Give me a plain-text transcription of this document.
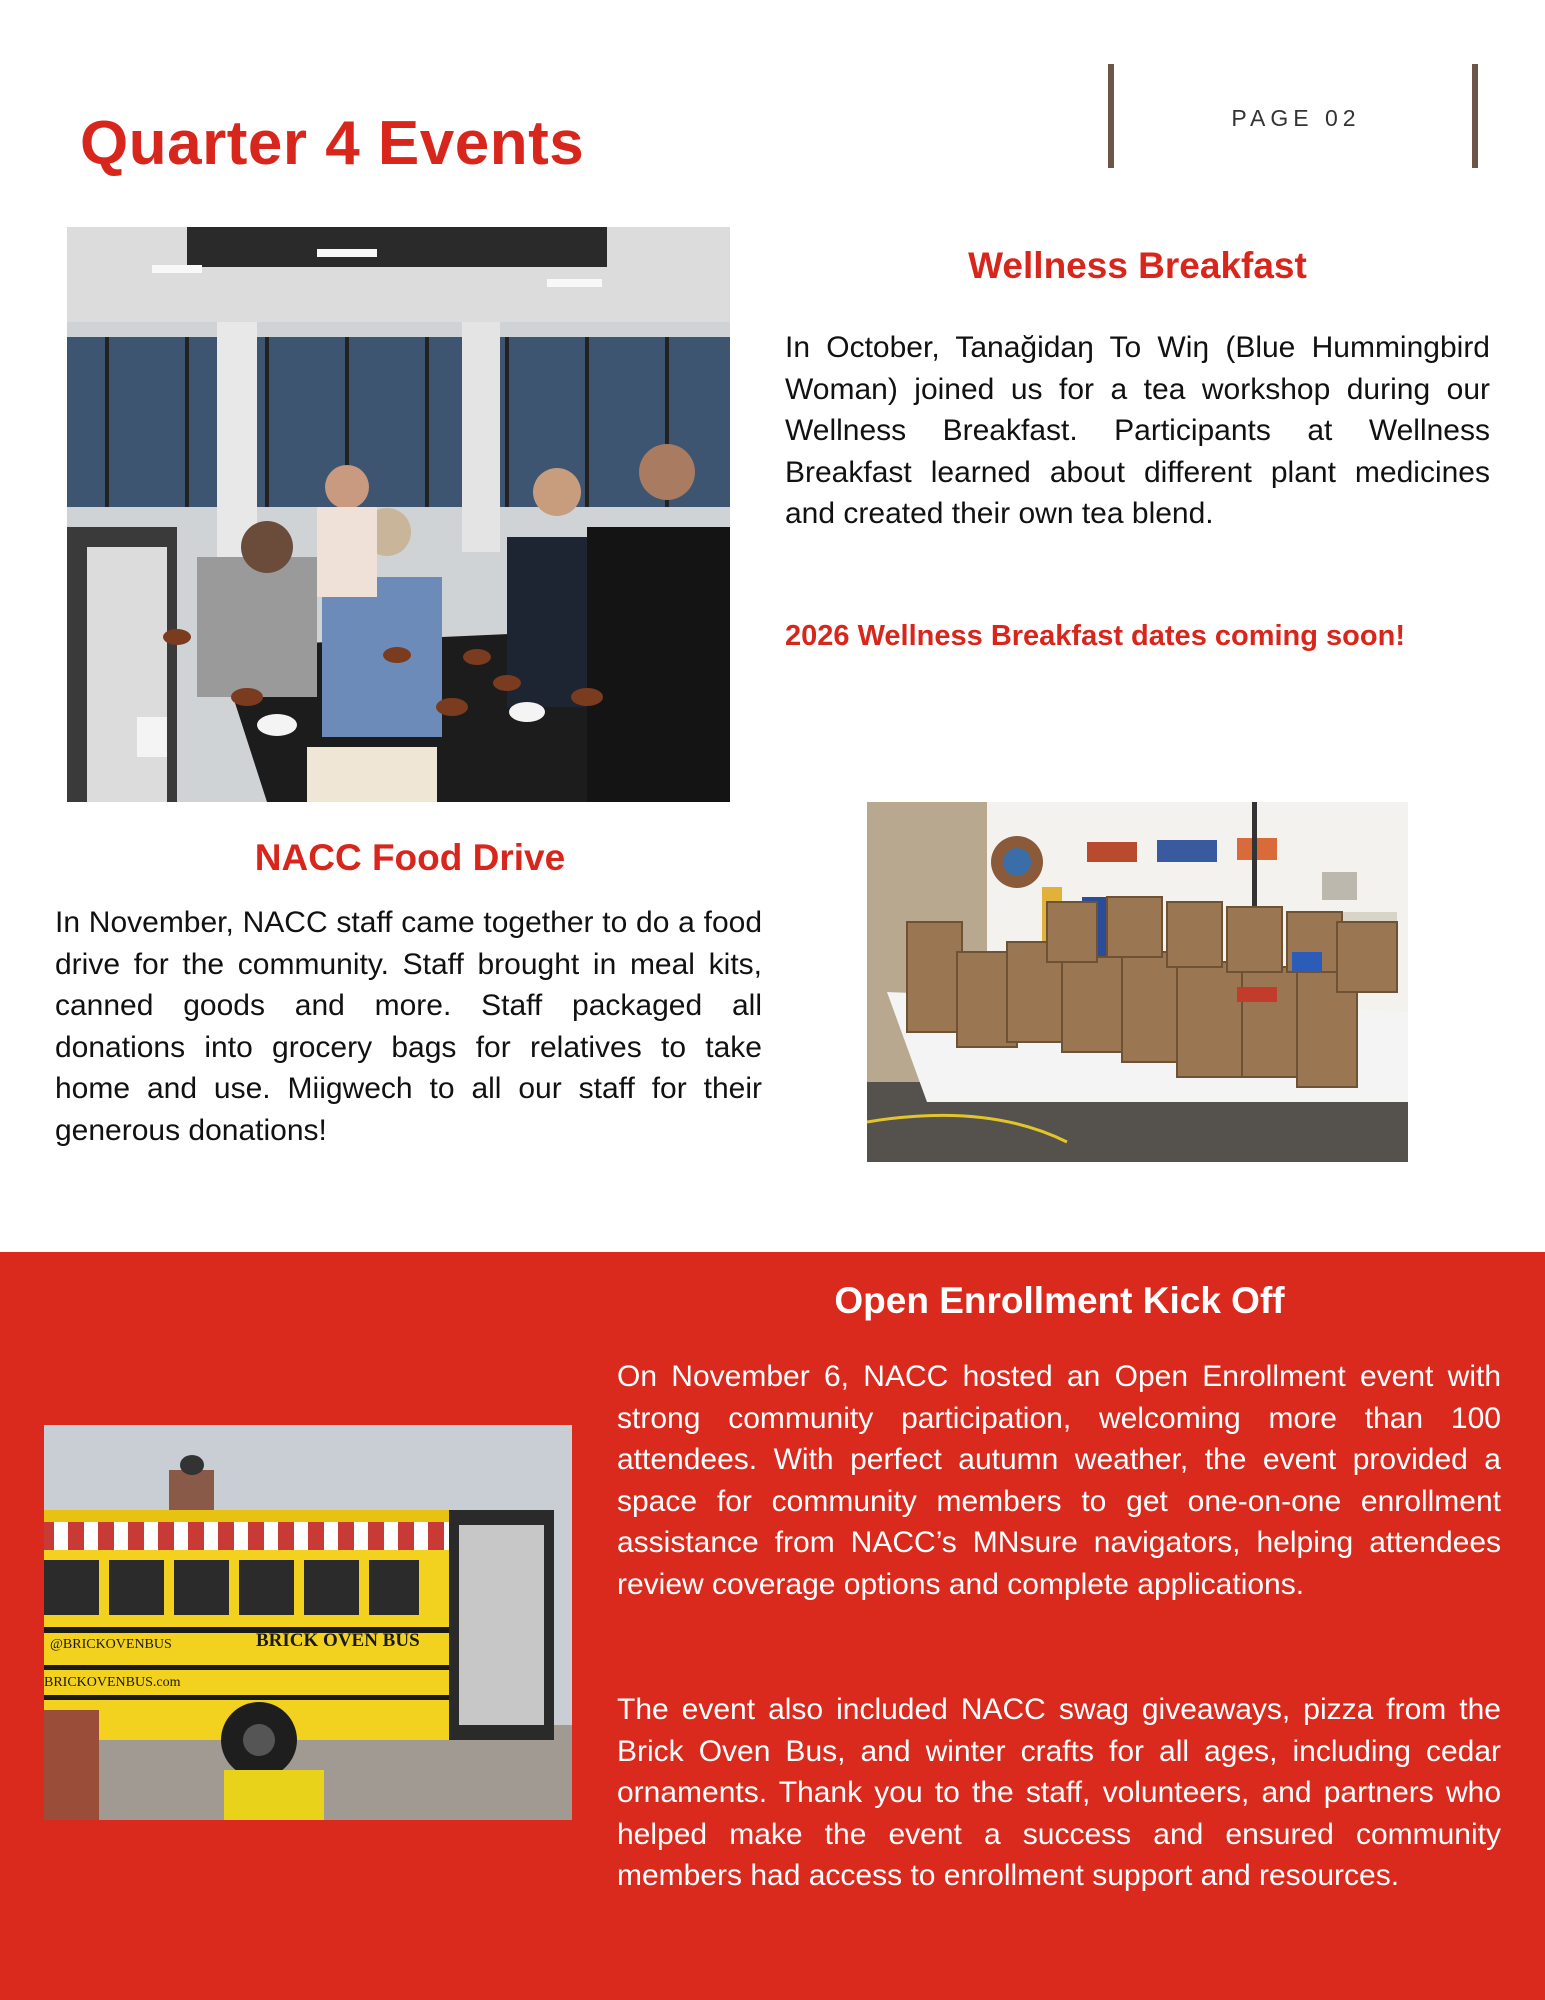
Quarter 4 Events	PAGE 02
Wellness Breakfast
In October, Tanağidaŋ To Wiŋ (Blue Hummingbird Woman) joined us for a tea workshop during our Wellness Breakfast. Participants at Wellness Breakfast learned about different plant medicines and created their own tea blend.
2026 Wellness Breakfast dates coming soon!
NACC Food Drive
In November, NACC staff came together to do a food drive for the community. Staff brought in meal kits, canned goods and more. Staff packaged all donations into grocery bags for relatives to take home and use. Miigwech to all our staff for their generous donations!
BRICK OVEN BUS
@BRICKOVENBUS
BRICKOVENBUS.com
Open Enrollment Kick Off
On November 6, NACC hosted an Open Enrollment event with strong community participation, welcoming more than 100 attendees. With perfect autumn weather, the event provided a space for community members to get one-on-one enrollment assistance from NACC’s MNsure navigators, helping attendees review coverage options and complete applications.
The event also included NACC swag giveaways, pizza from the Brick Oven Bus, and winter crafts for all ages, including cedar ornaments. Thank you to the staff, volunteers, and partners who helped make the event a success and ensured community members had access to enrollment support and resources.
